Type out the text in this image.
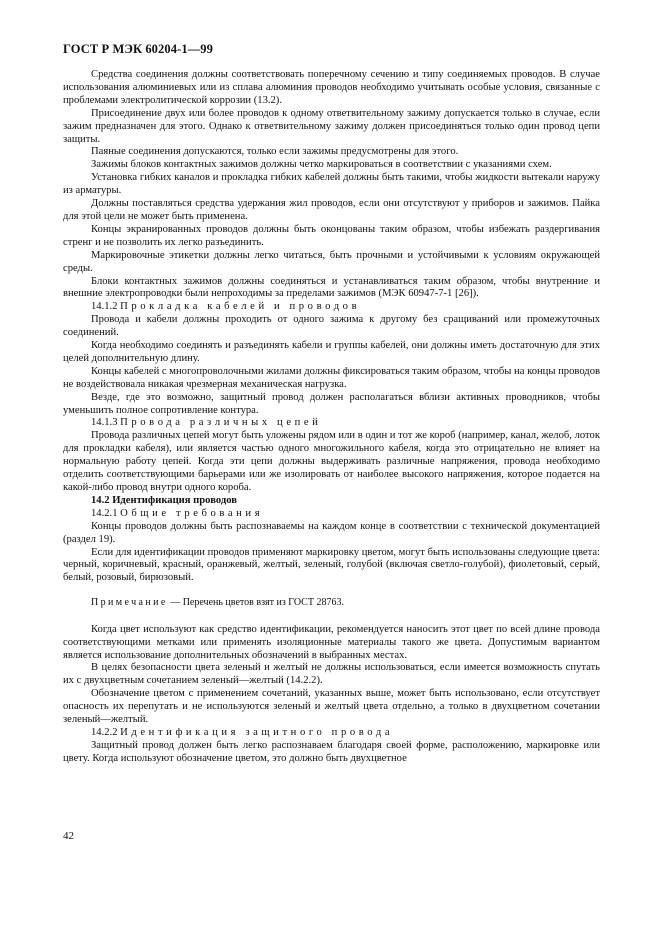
ГОСТ Р МЭК 60204-1—99

Средства соединения должны соответствовать поперечному сечению и типу соединяемых проводов. В случае использования алюминиевых или из сплава алюминия проводов необходимо учитывать особые условия, связанные с проблемами электролитической коррозии (13.2).

Присоединение двух или более проводов к одному ответвительному зажиму допускается только в случае, если зажим предназначен для этого. Однако к ответвительному зажиму должен присоединяться только один провод цепи защиты.

Паяные соединения допускаются, только если зажимы предусмотрены для этого.

Зажимы блоков контактных зажимов должны четко маркироваться в соответствии с указаниями схем.

Установка гибких каналов и прокладка гибких кабелей должны быть такими, чтобы жидкости вытекали наружу из арматуры.

Должны поставляться средства удержания жил проводов, если они отсутствуют у приборов и зажимов. Пайка для этой цели не может быть применена.

Концы экранированных проводов должны быть оконцованы таким образом, чтобы избежать раздергивания стренг и не позволить их легко разъединить.

Маркировочные этикетки должны легко читаться, быть прочными и устойчивыми к условиям окружающей среды.

Блоки контактных зажимов должны соединяться и устанавливаться таким образом, чтобы внутренние и внешние электропроводки были непроходимы за пределами зажимов (МЭК 60947-7-1 [26]).

14.1.2 Прокладка кабелей и проводов

Провода и кабели должны проходить от одного зажима к другому без сращиваний или промежуточных соединений.

Когда необходимо соединять и разъединять кабели и группы кабелей, они должны иметь достаточную для этих целей дополнительную длину.

Концы кабелей с многопроволочными жилами должны фиксироваться таким образом, чтобы на концы проводов не воздействовала никакая чрезмерная механическая нагрузка.

Везде, где это возможно, защитный провод должен располагаться вблизи активных проводников, чтобы уменьшить полное сопротивление контура.

14.1.3 Провода различных цепей

Провода различных цепей могут быть уложены рядом или в один и тот же короб (например, канал, желоб, лоток для прокладки кабеля), или является частью одного многожильного кабеля, когда это отрицательно не влияет на нормальную работу цепей. Когда эти цепи должны выдерживать различные напряжения, провода необходимо отделить соответствующими барьерами или же изолировать от наиболее высокого напряжения, которое подается на какой-либо провод внутри одного короба.

14.2 Идентификация проводов

14.2.1 Общие требования

Концы проводов должны быть распознаваемы на каждом конце в соответствии с технической документацией (раздел 19).

Если для идентификации проводов применяют маркировку цветом, могут быть использованы следующие цвета: черный, коричневый, красный, оранжевый, желтый, зеленый, голубой (включая светло-голубой), фиолетовый, серый, белый, розовый, бирюзовый.

Примечание — Перечень цветов взят из ГОСТ 28763.

Когда цвет используют как средство идентификации, рекомендуется наносить этот цвет по всей длине провода соответствующими метками или применять изоляционные материалы такого же цвета. Допустимым вариантом является использование дополнительных обозначений в выбранных местах.

В целях безопасности цвета зеленый и желтый не должны использоваться, если имеется возможность спутать их с двухцветным сочетанием зеленый—желтый (14.2.2).

Обозначение цветом с применением сочетаний, указанных выше, может быть использовано, если отсутствует опасность их перепутать и не используются зеленый и желтый цвета отдельно, а только в двухцветном сочетании зеленый—желтый.

14.2.2 Идентификация защитного провода

Защитный провод должен быть легко распознаваем благодаря своей форме, расположению, маркировке или цвету. Когда используют обозначение цветом, это должно быть двухцветное

42
